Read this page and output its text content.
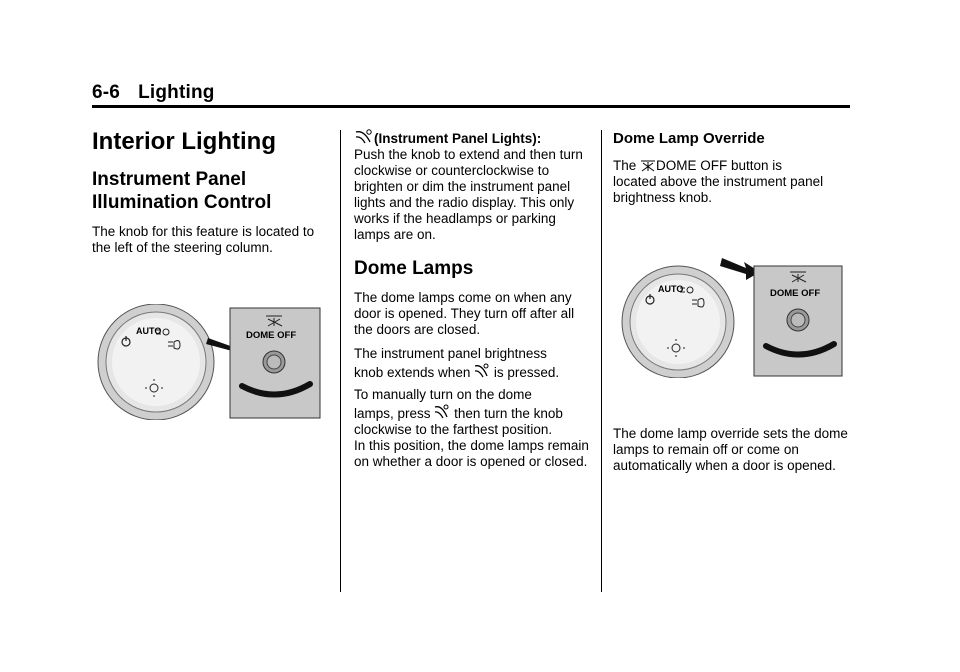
6-6 Lighting
Interior Lighting
Instrument Panel Illumination Control

The knob for this feature is located to the left of the steering column.

AUTO	DOME OFF

(Instrument Panel Lights):
Push the knob to extend and then turn clockwise or counterclockwise to brighten or dim the instrument panel lights and the radio display. This only works if the headlamps or parking lamps are on.

Dome Lamps

The dome lamps come on when any door is opened. They turn off after all the doors are closed.

The instrument panel brightness
knob extends when is pressed.

To manually turn on the dome
lamps, press then turn the knob
clockwise to the farthest position.

In this position, the dome lamps remain on whether a door is opened or closed.

Dome Lamp Override

The DOME OFF button is
located above the instrument panel brightness knob.

AUTO	DOME OFF

The dome lamp override sets the dome lamps to remain off or come on automatically when a door is opened.
